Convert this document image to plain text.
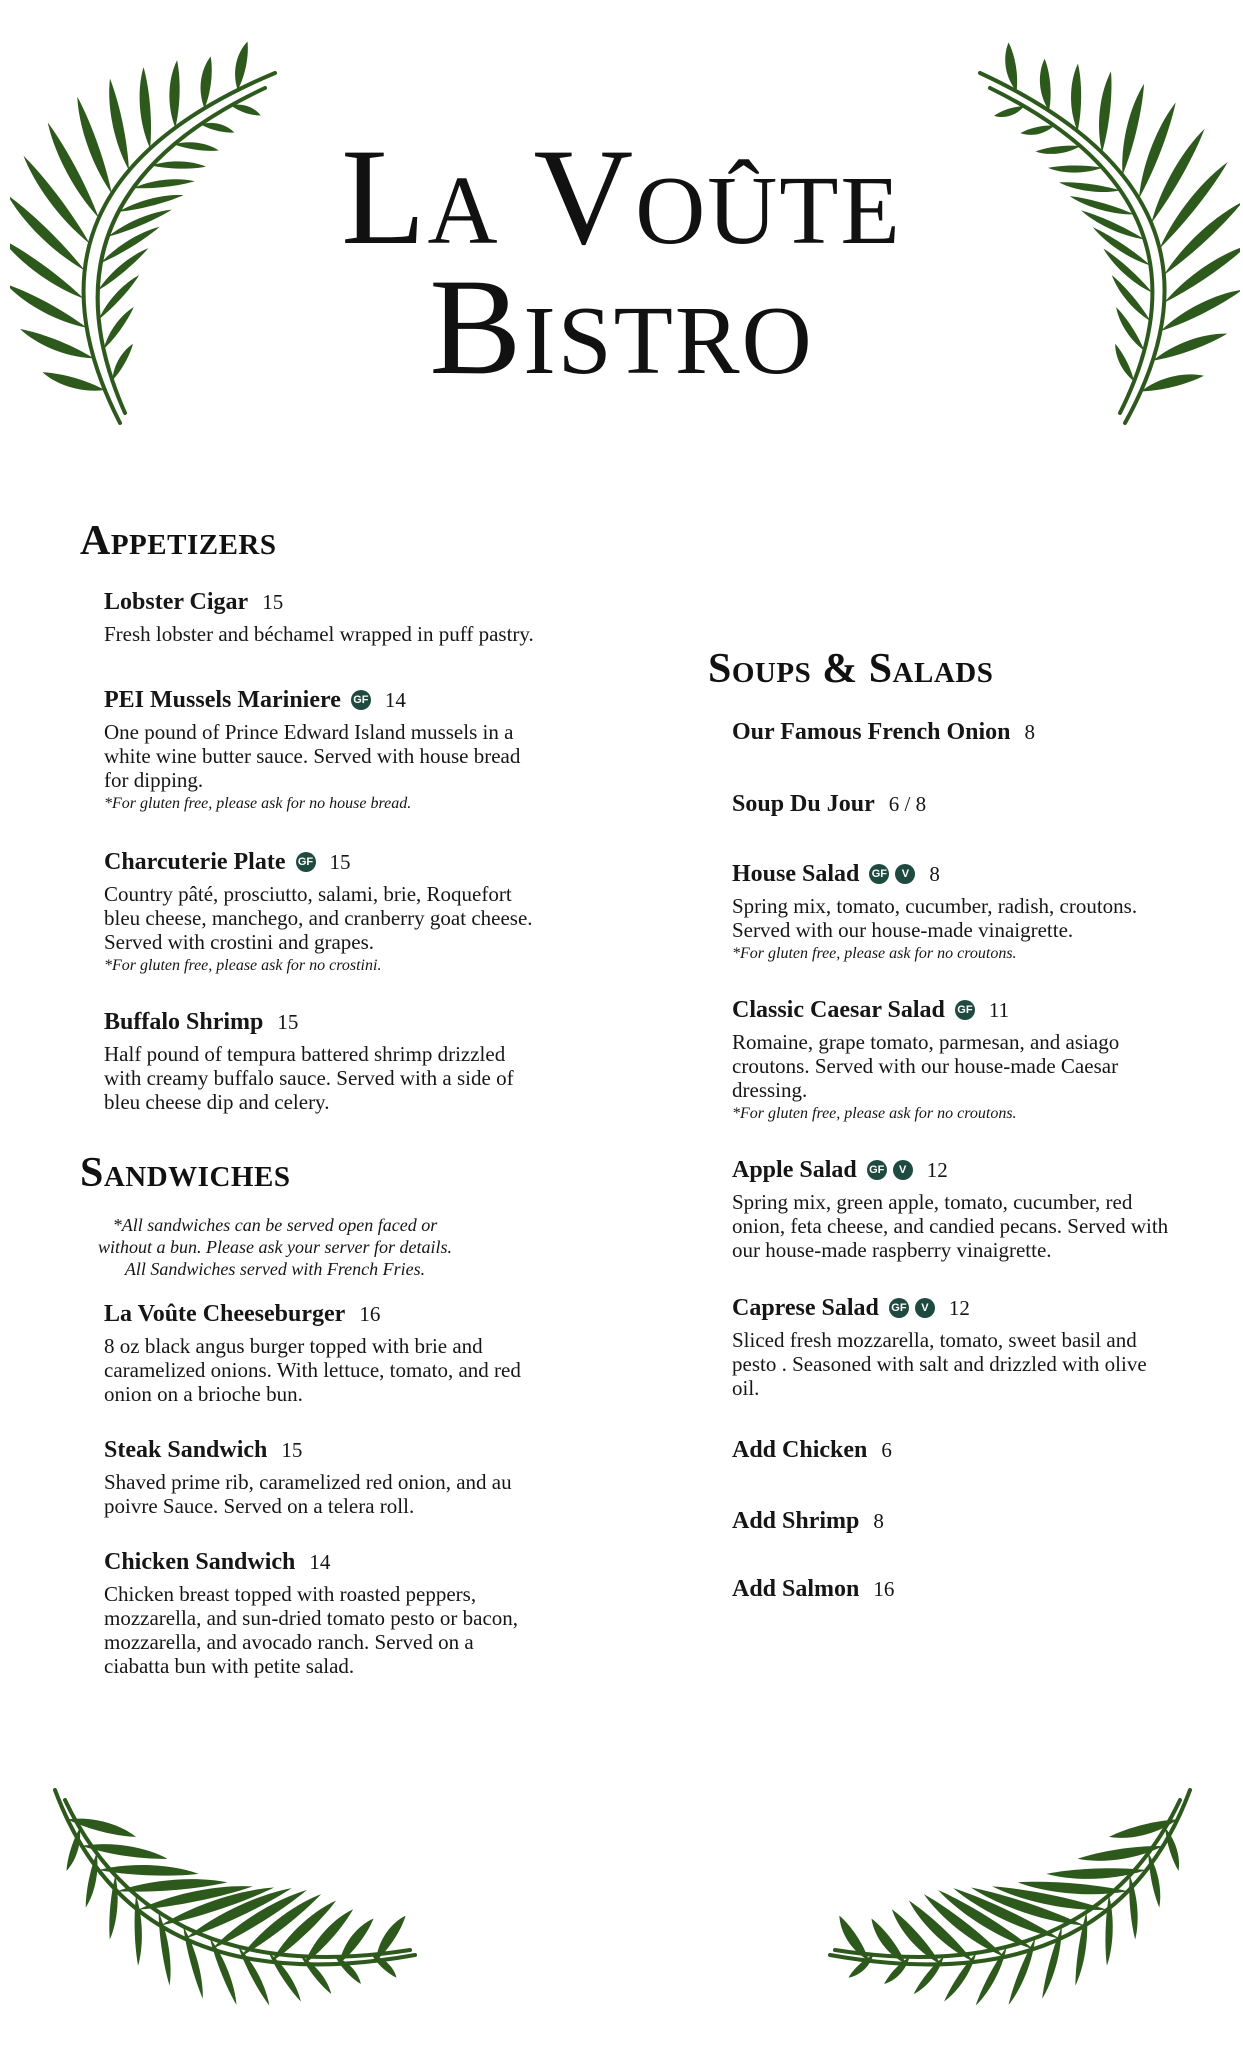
La Voûte
Bistro
Appetizers
Lobster Cigar 15

Fresh lobster and béchamel wrapped in puff pastry.

PEI Mussels Mariniere GF 14

One pound of Prince Edward Island mussels in a white wine butter sauce. Served with house bread for dipping.

*For gluten free, please ask for no house bread.

Charcuterie Plate GF 15

Country pâté, prosciutto, salami, brie, Roquefort bleu cheese, manchego, and cranberry goat cheese. Served with crostini and grapes.

*For gluten free, please ask for no crostini.

Buffalo Shrimp 15

Half pound of tempura battered shrimp drizzled with creamy buffalo sauce. Served with a side of bleu cheese dip and celery.

Sandwiches

*All sandwiches can be served open faced or
without a bun. Please ask your server for details.
All Sandwiches served with French Fries.

La Voûte Cheeseburger 16

8 oz black angus burger topped with brie and caramelized onions. With lettuce, tomato, and red onion on a brioche bun.

Steak Sandwich 15

Shaved prime rib, caramelized red onion, and au poivre Sauce. Served on a telera roll.

Chicken Sandwich 14

Chicken breast topped with roasted peppers, mozzarella, and sun-dried tomato pesto or bacon, mozzarella, and avocado ranch. Served on a ciabatta bun with petite salad.

Soups & Salads
Our Famous French Onion 8
Soup Du Jour 6 / 8
House Salad GF	V 8

Spring mix, tomato, cucumber, radish, croutons. Served with our house-made vinaigrette.

*For gluten free, please ask for no croutons.

Classic Caesar Salad GF 11

Romaine, grape tomato, parmesan, and asiago croutons. Served with our house-made Caesar dressing.

*For gluten free, please ask for no croutons.

Apple Salad GF	V 12

Spring mix, green apple, tomato, cucumber, red onion, feta cheese, and candied pecans. Served with our house-made raspberry vinaigrette.

Caprese Salad GF	V 12

Sliced fresh mozzarella, tomato, sweet basil and pesto . Seasoned with salt and drizzled with olive oil.

Add Chicken 6
Add Shrimp 8
Add Salmon 16
